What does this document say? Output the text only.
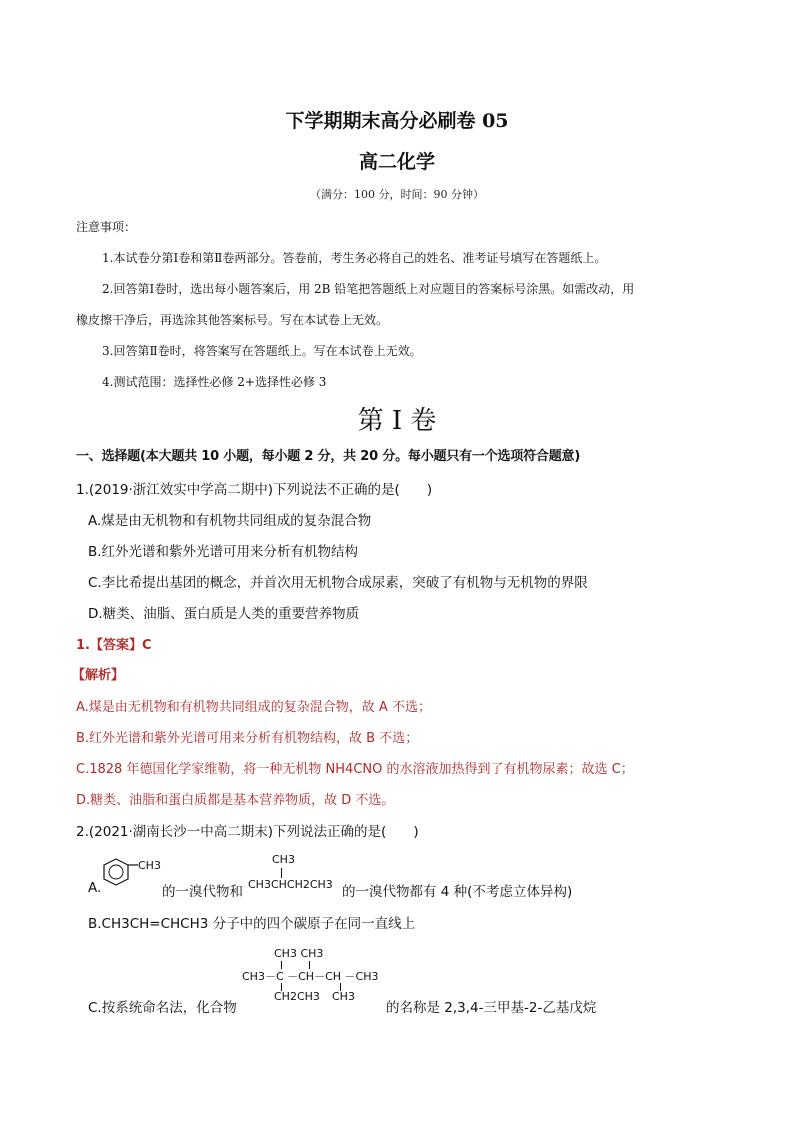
下学期期末高分必刷卷 05
高二化学
（满分：100 分，时间：90 分钟）
注意事项：
1.本试卷分第Ⅰ卷和第Ⅱ卷两部分。答卷前，考生务必将自己的姓名、准考证号填写在答题纸上。
2.回答第Ⅰ卷时，选出每小题答案后，用 2B 铅笔把答题纸上对应题目的答案标号涂黑。如需改动，用
橡皮擦干净后，再选涂其他答案标号。写在本试卷上无效。
3.回答第Ⅱ卷时，将答案写在答题纸上。写在本试卷上无效。
4.测试范围：选择性必修 2+选择性必修 3
第 I 卷
一、选择题(本大题共 10 小题，每小题 2 分，共 20 分。每小题只有一个选项符合题意)
1.(2019·浙江效实中学高二期中)下列说法不正确的是(　　)
A.煤是由无机物和有机物共同组成的复杂混合物
B.红外光谱和紫外光谱可用来分析有机物结构
C.李比希提出基团的概念，并首次用无机物合成尿素，突破了有机物与无机物的界限
D.糖类、油脂、蛋白质是人类的重要营养物质
1.【答案】C
【解析】
A.煤是由无机物和有机物共同组成的复杂混合物，故 A 不选；
B.红外光谱和紫外光谱可用来分析有机物结构，故 B 不选；
C.1828 年德国化学家维勒，将一种无机物 NH4CNO 的水溶液加热得到了有机物尿素；故选 C；
D.糖类、油脂和蛋白质都是基本营养物质，故 D 不选。
2.(2021·湖南长沙一中高二期末)下列说法正确的是(　　)
A.
CH3
的一溴代物和
CH3
CH3CHCH2CH3 的一溴代物都有 4 种(不考虑立体异构)
B.CH3CH=CHCH3 分子中的四个碳原子在同一直线上
CH3 CH3
CH3－C －CH－CH －CH3
CH2CH3 CH3
C.按系统命名法，化合物	的名称是 2,3,4-三甲基-2-乙基戊烷
